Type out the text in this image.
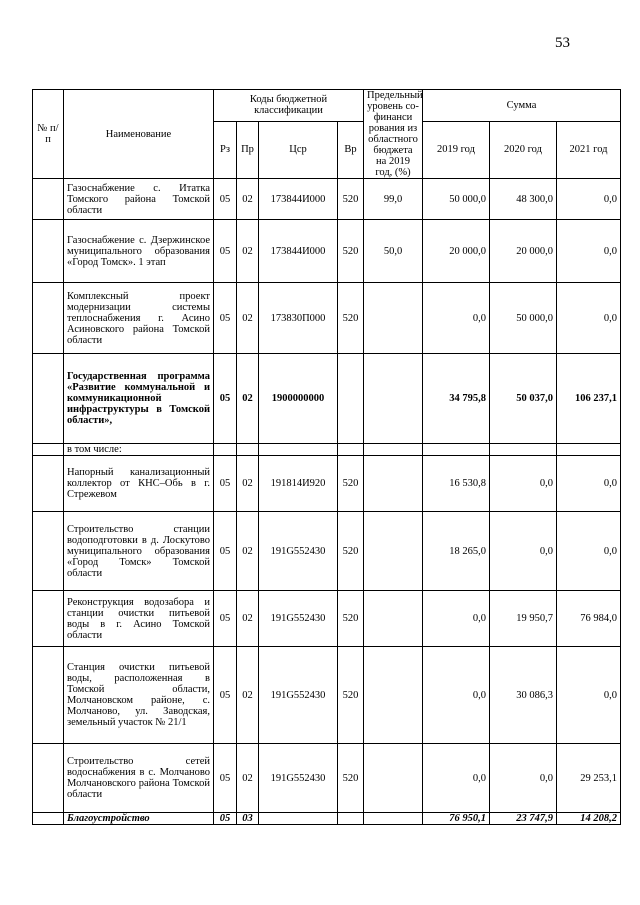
53
№ п/п	Наименование	Коды бюджетной классификации				Предельный уровень со-финанси рования из областного бюджета на 2019 год, (%)	Сумма		
		Рз	Пр	Цср	Вр		2019 год	2020 год	2021 год
	Газоснабжение с. Итатка Томского района Томской области	05	02	173844И000	520	99,0	50 000,0	48 300,0	0,0
	Газоснабжение с. Дзержинское муниципального образования «Город Томск». 1 этап	05	02	173844И000	520	50,0	20 000,0	20 000,0	0,0
	Комплексный проект модернизации системы теплоснабжения г. Асино Асиновского района Томской области	05	02	173830П000	520		0,0	50 000,0	0,0
	Государственная программа «Развитие коммунальной и коммуникационной инфраструктуры в Томской области»,	05	02	1900000000			34 795,8	50 037,0	106 237,1
	в том числе:								
	Напорный канализационный коллектор от КНС–Обь в г. Стрежевом	05	02	191814И920	520		16 530,8	0,0	0,0
	Строительство станции водоподготовки в д. Лоскутово муниципального образования «Город Томск» Томской области	05	02	191G552430	520		18 265,0	0,0	0,0
	Реконструкция водозабора и станции очистки питьевой воды в г. Асино Томской области	05	02	191G552430	520		0,0	19 950,7	76 984,0
	Станция очистки питьевой воды, расположенная в Томской области, Молчановском районе, с. Молчаново, ул. Заводская, земельный участок № 21/1	05	02	191G552430	520		0,0	30 086,3	0,0
	Строительство сетей водоснабжения в с. Молчаново Молчановского района Томской области	05	02	191G552430	520		0,0	0,0	29 253,1
	Благоустройство	05	03				76 950,1	23 747,9	14 208,2
